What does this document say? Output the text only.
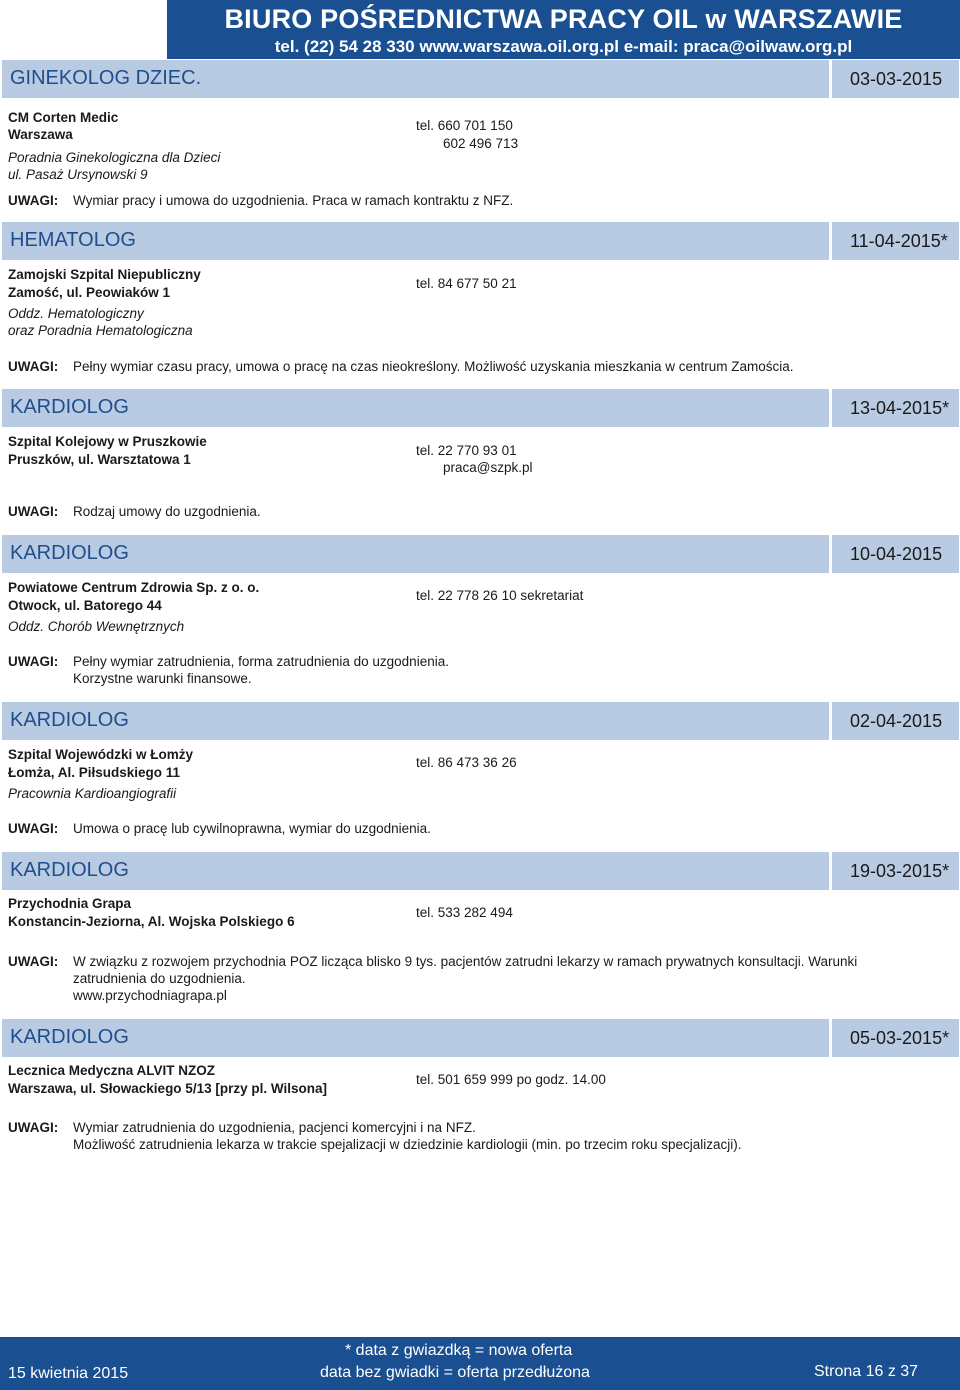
BIURO POŚREDNICTWA PRACY OIL w WARSZAWIE
tel. (22) 54 28 330 www.warszawa.oil.org.pl e-mail: praca@oilwaw.org.pl
GINEKOLOG DZIEC.	03-03-2015
CM Corten Medic
Warszawa
Poradnia Ginekologiczna dla Dzieci
ul. Pasaż Ursynowski 9
tel. 660 701 150
602 496 713
UWAGI: Wymiar pracy i umowa do uzgodnienia. Praca w ramach kontraktu z NFZ.
HEMATOLOG	11-04-2015*
Zamojski Szpital Niepubliczny
Zamość, ul. Peowiaków 1
Oddz. Hematologiczny
oraz Poradnia Hematologiczna
tel. 84 677 50 21
UWAGI: Pełny wymiar czasu pracy, umowa o pracę na czas nieokreślony. Możliwość uzyskania mieszkania w centrum Zamościa.
KARDIOLOG	13-04-2015*
Szpital Kolejowy w Pruszkowie
Pruszków, ul. Warsztatowa 1
tel. 22 770 93 01
praca@szpk.pl
UWAGI: Rodzaj umowy do uzgodnienia.
KARDIOLOG	10-04-2015
Powiatowe Centrum Zdrowia Sp. z o. o.
Otwock, ul. Batorego 44
Oddz. Chorób Wewnętrznych
tel. 22 778 26 10 sekretariat
UWAGI: Pełny wymiar zatrudnienia, forma zatrudnienia do uzgodnienia.
Korzystne warunki finansowe.
KARDIOLOG	02-04-2015
Szpital Wojewódzki w Łomży
Łomża, Al. Piłsudskiego 11
Pracownia Kardioangiografii
tel. 86 473 36 26
UWAGI: Umowa o pracę lub cywilnoprawna, wymiar do uzgodnienia.
KARDIOLOG	19-03-2015*
Przychodnia Grapa
Konstancin-Jeziorna, Al. Wojska Polskiego 6
tel. 533 282 494
UWAGI: W związku z rozwojem przychodnia POZ licząca blisko 9 tys. pacjentów zatrudni lekarzy w ramach prywatnych konsultacji. Warunki
zatrudnienia do uzgodnienia.
www.przychodniagrapa.pl
KARDIOLOG	05-03-2015*
Lecznica Medyczna ALVIT NZOZ
Warszawa, ul. Słowackiego 5/13 [przy pl. Wilsona]
tel. 501 659 999 po godz. 14.00
UWAGI: Wymiar zatrudnienia do uzgodnienia, pacjenci komercyjni i na NFZ.
Możliwość zatrudnienia lekarza w trakcie spejalizacji w dziedzinie kardiologii (min. po trzecim roku specjalizacji).
15 kwietnia 2015
* data z gwiazdką = nowa oferta
data bez gwiadki = oferta przedłużona	Strona 16 z 37
